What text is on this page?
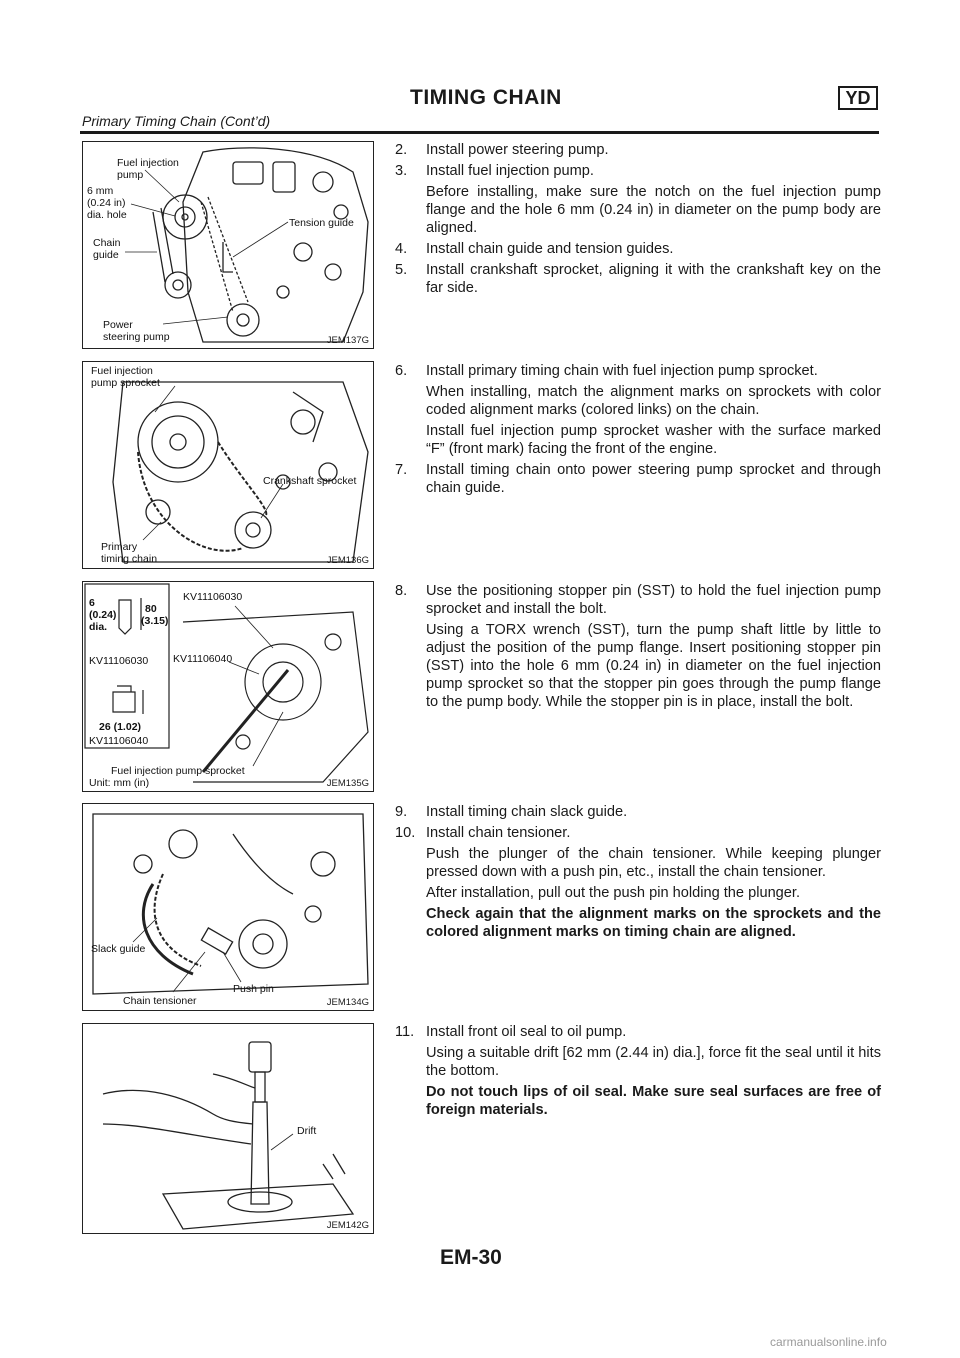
TIMING CHAIN	YD
Primary Timing Chain (Cont’d)
Fuel injection
pump
6 mm
(0.24 in)
dia. hole
Tension guide
Chain
guide
Power
steering pump	JEM137G
Fuel injection
pump sprocket
Crankshaft sprocket
Primary
timing chain	JEM136G
6
(0.24)
dia.
80
(3.15)
KV11106030
26 (1.02)
KV11106040
KV11106030
KV11106040
Fuel injection pump sprocket
Unit: mm (in)	JEM135G
Slack guide
Chain tensioner
Push pin
JEM134G
Drift
JEM142G
2.	Install power steering pump.
3.	Install fuel injection pump.
Before installing, make sure the notch on the fuel injection pump flange and the hole 6 mm (0.24 in) in diameter on the pump body are aligned.
4.	Install chain guide and tension guides.
5.	Install crankshaft sprocket, aligning it with the crankshaft key on the far side.
6.	Install primary timing chain with fuel injection pump sprocket.
When installing, match the alignment marks on sprockets with color coded alignment marks (colored links) on the chain.
Install fuel injection pump sprocket washer with the surface marked “F” (front mark) facing the front of the engine.
7.	Install timing chain onto power steering pump sprocket and through chain guide.
8.	Use the positioning stopper pin (SST) to hold the fuel injection pump sprocket and install the bolt.
Using a TORX wrench (SST), turn the pump shaft little by little to adjust the position of the pump flange. Insert positioning stopper pin (SST) into the hole 6 mm (0.24 in) in diameter on the fuel injection pump sprocket so that the stopper pin goes through the pump flange to the pump body. While the stopper pin is in place, install the bolt.
9.	Install timing chain slack guide.
10. Install chain tensioner.
Push the plunger of the chain tensioner. While keeping plunger pressed down with a push pin, etc., install the chain tensioner.
After installation, pull out the push pin holding the plunger.
Check again that the alignment marks on the sprockets and the colored alignment marks on timing chain are aligned.
11. Install front oil seal to oil pump.
Using a suitable drift [62 mm (2.44 in) dia.], force fit the seal until it hits the bottom.
Do not touch lips of oil seal. Make sure seal surfaces are free of foreign materials.
EM-30
carmanualsonline.info
